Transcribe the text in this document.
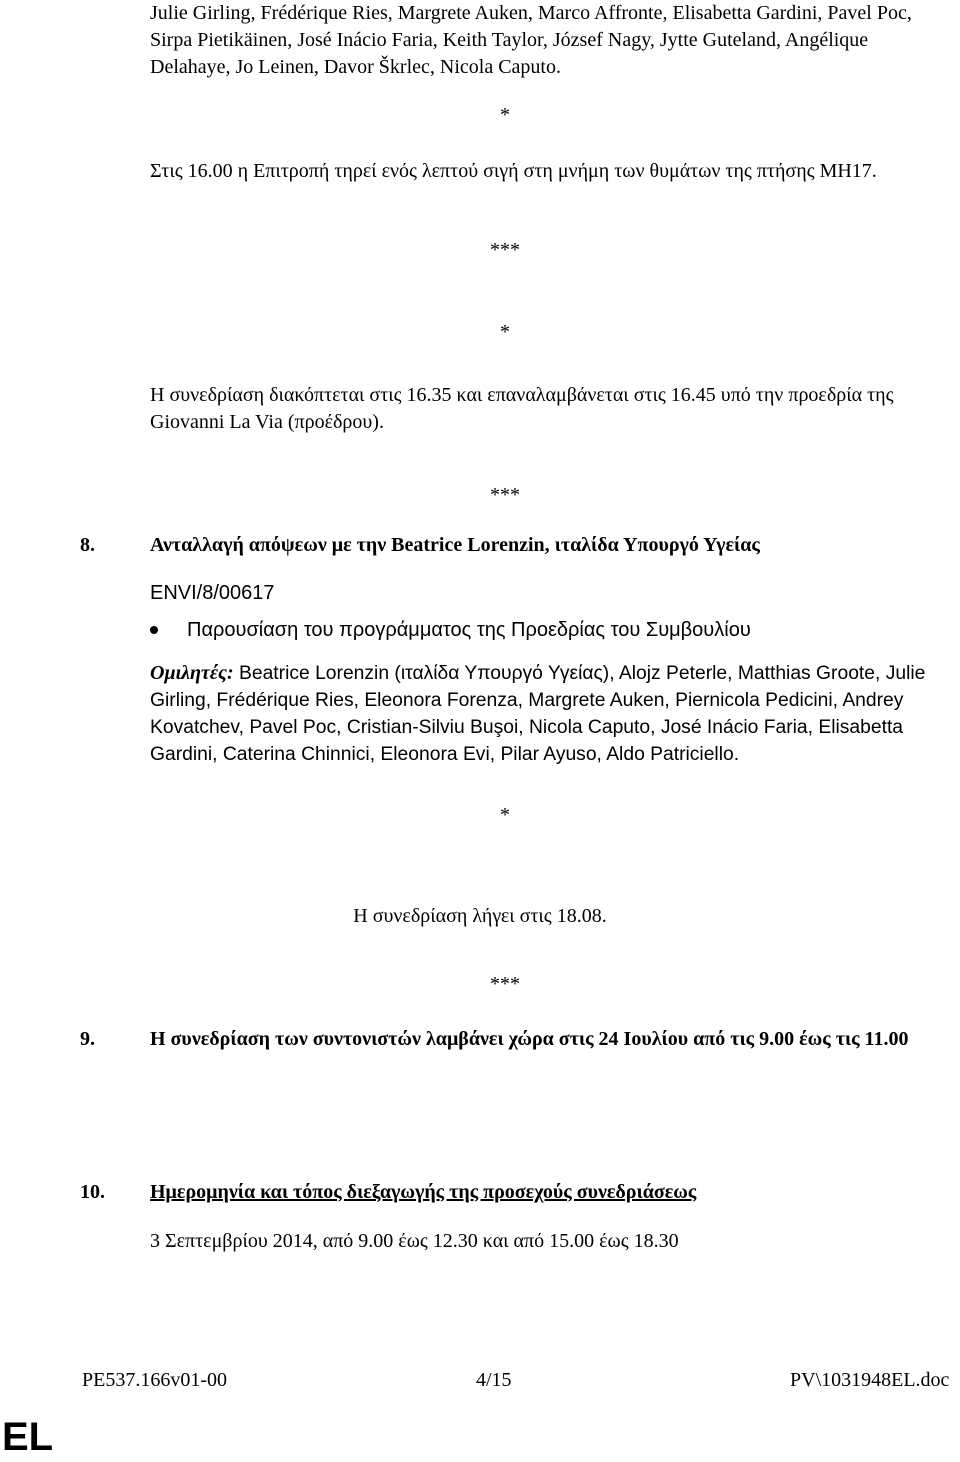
Julie Girling, Frédérique Ries, Margrete Auken, Marco Affronte, Elisabetta Gardini, Pavel Poc, Sirpa Pietikäinen, José Inácio Faria, Keith Taylor, József Nagy, Jytte Guteland, Angélique Delahaye, Jo Leinen, Davor Škrlec, Nicola Caputo.

*

Στις 16.00 η Επιτροπή τηρεί ενός λεπτού σιγή στη μνήμη των θυμάτων της πτήσης MH17.

***
*

Η συνεδρίαση διακόπτεται στις 16.35 και επαναλαμβάνεται στις 16.45 υπό την προεδρία της Giovanni La Via (προέδρου).

***
8.	Ανταλλαγή απόψεων με την Beatrice Lorenzin, ιταλίδα Υπουργό Υγείας
ENVI/8/00617
Παρουσίαση του προγράμματος της Προεδρίας του Συμβουλίου

Ομιλητές: Beatrice Lorenzin (ιταλίδα Υπουργό Υγείας), Alojz Peterle, Matthias Groote, Julie Girling, Frédérique Ries, Eleonora Forenza, Margrete Auken, Piernicola Pedicini, Andrey Kovatchev, Pavel Poc, Cristian-Silviu Buşoi, Nicola Caputo, José Inácio Faria, Elisabetta Gardini, Caterina Chinnici, Eleonora Evi, Pilar Ayuso, Aldo Patriciello.

*
Η συνεδρίαση λήγει στις 18.08.
***
9.	Η συνεδρίαση των συντονιστών λαμβάνει χώρα στις 24 Ιουλίου από τις 9.00 έως τις 11.00
10. Ημερομηνία και τόπος διεξαγωγής της προσεχούς συνεδριάσεως
3 Σεπτεμβρίου 2014, από 9.00 έως 12.30 και από 15.00 έως 18.30
PE537.166v01-00	4/15	PV\1031948EL.doc
EL
